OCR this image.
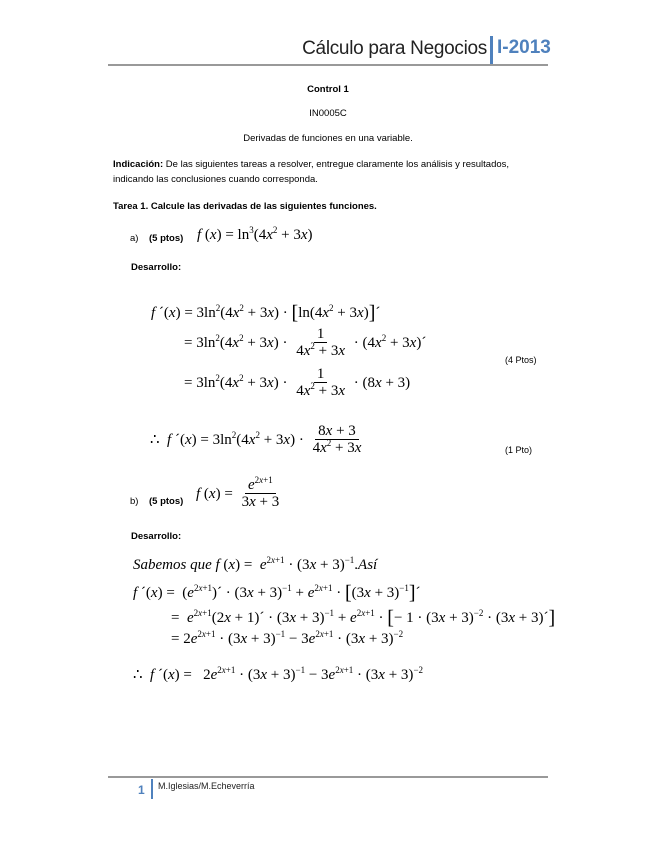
Cálculo para Negocios I-2013
Control 1
IN0005C
Derivadas de funciones en una variable.
Indicación: De las siguientes tareas a resolver, entregue claramente los análisis y resultados, indicando las conclusiones cuando corresponda.
Tarea 1. Calcule las derivadas de las siguientes funciones.
a) (5 ptos) f $(x) = \ln^3(4x^2 + 3x)$
Desarrollo:
f ´(x) = $3\ln^2(4x^2 + 3x) \cdot [\ln(4x^2$ + 3x)]´
= $3\ln^2(4x^2 + 3x) \cdot \frac{1}{4x^2 + 3x} \cdot (4x^2$ + 3x)´
= $3\ln^2(4x^2 + 3x) \cdot \frac{1}{4x^2 + 3x} \cdot (8x + 3)$
(4 Ptos)
∴  f ´(x) = $3\ln^2(4x^2 + 3x) \cdot \frac{8x + 3}{4x^2 + 3x}$	(1 Pto)
b) (5 ptos) f $(x) = \frac{e^{2x+1}}{3x + 3}$
Desarrollo:
Sabemos que f $(x) = e^{2x+1} \cdot (3x$ + $3)^{-1}.Así$
f ´(x) =  $(e^{2x+1})´ \cdot (3x + 3)^{-1} + e^{2x+1} \cdot [(3x$ + $3)^{-1}]´$
=  $e^{2x+1}(2x$ + 1)´ · $(3x + 3)^{-1} + e^{2x+1}$ · [− $1 \cdot (3x + 3)^{-2} \cdot (3x$ + 3)´]
= $2e^{2x+1} \cdot (3x + 3)^{-1} - 3e^{2x+1} \cdot (3x + 3)^{-2}$
∴  f ´(x) =   $2e^{2x+1} \cdot (3x + 3)^{-1} - 3e^{2x+1} \cdot (3x + 3)^{-2}$
1 M.Iglesias/M.Echeverría
